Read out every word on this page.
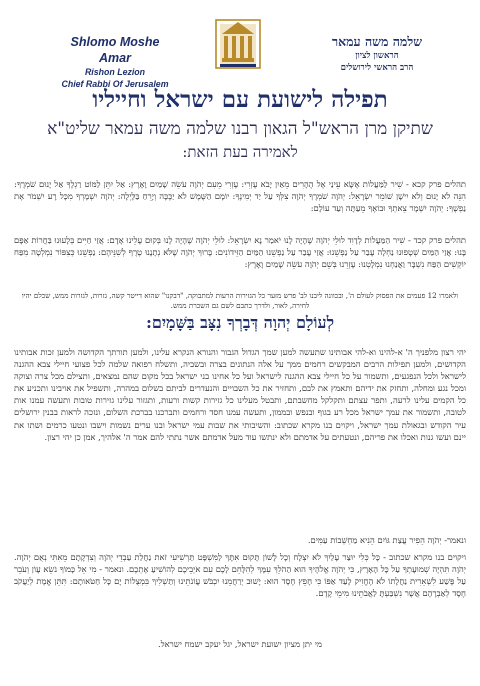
Shlomo Moshe Amar
Rishon Lezion
Chief Rabbi Of Jerusalem
שלמה משה עמאר
הראשון לציון
הרב הראשי לירושלים
תפילה לישועת עם ישראל וחייליו
שתיקן מרן הראש"ל הגאון רבנו שלמה משה עמאר שליט"א
לאמירה בעת הזאת:
תהלים פרק קכא - שִׁיר לַמַּעֲלוֹת אֶשָּׂא עֵינַי אֶל הֶהָרִים מֵאַיִן יָבֹא עֶזְרִי: עֶזְרִי מֵעִם יְהֹוָה עֹשֵׂה שָׁמַיִם וָאָרֶץ: אַל יִתֵּן לַמּוֹט רַגְלֶךָ אַל יָנוּם שֹׁמְרֶךָ: הִנֵּה לֹא יָנוּם וְלֹא יִישָׁן שׁוֹמֵר יִשְׂרָאֵל: יְהֹוָה שֹׁמְרֶךָ יְהֹוָה צִלְּךָ עַל יַד יְמִינֶךָ: יוֹמָם הַשֶּׁמֶשׁ לֹא יַכֶּכָּה וְיָרֵחַ בַּלָּיְלָה: יְהֹוָה יִשְׁמָרְךָ מִכָּל רָע יִשְׁמֹר אֶת נַפְשֶׁךָ: יְהֹוָה יִשְׁמָר צֵאתְךָ וּבוֹאֶךָ מֵעַתָּה וְעַד עוֹלָם:
תהלים פרק קכד - שִׁיר הַמַּעֲלוֹת לְדָוִד לוּלֵי יְהֹוָה שֶׁהָיָה לָנוּ יֹאמַר נָא יִשְׂרָאֵל: לוּלֵי יְהֹוָה שֶׁהָיָה לָנוּ בְּקוּם עָלֵינוּ אָדָם: אֲזַי חַיִּים בְּלָעוּנוּ בַּחֲרוֹת אַפָּם בָּנוּ: אֲזַי הַמַּיִם שְׁטָפוּנוּ נַחְלָה עָבַר עַל נַפְשֵׁנוּ: אֲזַי עָבַר עַל נַפְשֵׁנוּ הַמַּיִם הַזֵּידוֹנִים: בָּרוּךְ יְהֹוָה שֶׁלֹּא נְתָנָנוּ טֶרֶף לְשִׁנֵּיהֶם: נַפְשֵׁנוּ כְּצִפּוֹר נִמְלְטָה מִפַּח יוֹקְשִׁים הַפַּח נִשְׁבָּר וַאֲנַחְנוּ נִמְלָטְנוּ: עֶזְרֵנוּ בְּשֵׁם יְהֹוָה עֹשֵׂה שָׁמַיִם וָאָרֶץ:
ולאמרו 12 פעמים את הפסוק לעולם ה', ובכוונה ליבנו לב' פרש מזער כל הגזירות הרעות למתבוקה, "דבקנו" שהוא דייטר קשה, גזרות, לגזרות ממש, שכלם יהיו לחירה, לאור, ולדרך כתבם לשם גם השכרת ממש.
לְעוֹלָם יְהוָה דְּבָרְךָ נִצָּב בַּשָּׁמָיִם:
יהי רצון מלפניך ה' א-להינו וא-להי אבותינו שתעשה למען שמך הגדול הגבור והנורא הנקרא עלינו, ולמען תורתך הקדושה ולמען זכות אבותינו הקדושים, ולמען תפילות הרבים המבקשים רחמים ממך על אלה הנתונים בצרה ובשביה, ותשלח רפואה שלמה לכל פצועי חיילי צבא ההגנה לישראל ולכל הנפגעים, ותשמור על כל חיילי צבא ההגנה לישראל ועל כל אחינו בני ישראל בכל מקום שהם נמצאים, ותצילם מכל צרה וצוקה ומכל נגע ומחלה, ותחזק את ידיהם ותאמץ את לבם, ותחזיר את כל השבויים והנעדרים לביתם בשלום במהרה, ותשפיל את אויבינו ותכניע את כל הקמים עלינו לרעה, ותפר עצתם ותקלקל מחשבתם, ותבטל מעלינו כל גזירות קשות ורעות, ותגזור עלינו גזירות טובות ותעשה עמנו אות לטובה, ותשמור את עמך ישראל מכל רע בגוף ובנפש ובממון, ותעשה עמנו חסד ורחמים ותברכנו בברכת השלום, ונזכה לראות בבנין ירושלים עיר הקודש ובגאולת עמך ישראל, ויקוים בנו מקרא שכתוב: והשיבותי את שבות עמי ישראל ובנו ערים נשמות וישבו ונטעו כרמים ושתו את יינם ועשו גנות ואכלו את פריהם, ונטעתים על אדמתם ולא ינתשו עוד מעל אדמתם אשר נתתי להם אמר ה' אלהיך, אמן כן יהי רצון.
ונאמר- יְהֹוָה הֵפִיר עֲצַת גּוֹיִם הֵנִיא מַחְשְׁבוֹת עַמִּים.
ויקוים בנו מקרא שכתוב - כָּל כְּלִי יוּצַר עָלַיִךְ לֹא יִצְלָח וְכָל לָשׁוֹן תָּקוּם אִתָּךְ לַמִּשְׁפָּט תַּרְשִׁיעִי זֹאת נַחֲלַת עַבְדֵי יְהֹוָה וְצִדְקָתָם מֵאִתִּי נְאֻם יְהֹוָה. יְהֹוָה תִּהְיֶה שְׁמוּעָתְךָ עַל כָּל הָאָרֶץ, כִּי יְהֹוָה אֱלֹהֶיךָ הוּא הַהֹלֵךְ עִמָּךְ לְהִלָּחֵם לָכֶם עִם אֹיְבֵיכֶם לְהוֹשִׁיעַ אֶתְכֶם. ונאמר - מִי אֵל כָּמוֹךָ נֹשֵׂא עָוֹן וְעֹבֵר עַל פֶּשַׁע לִשְׁאֵרִית נַחֲלָתוֹ לֹא הֶחֱזִיק לָעַד אַפּוֹ כִּי חָפֵץ חֶסֶד הוּא: יָשׁוּב יְרַחֲמֵנוּ יִכְבֹּשׁ עֲוֹנֹתֵינוּ וְתַשְׁלִיךְ בִּמְצֻלוֹת יָם כָּל חַטֹּאותָם: תִּתֵּן אֱמֶת לְיַעֲקֹב חֶסֶד לְאַבְרָהָם אֲשֶׁר נִשְׁבַּעְתָּ לַאֲבֹתֵינוּ מִימֵי קֶדֶם.
מי יתן מציון ישועת ישראל, יגל יעקב ישמח ישראל.
